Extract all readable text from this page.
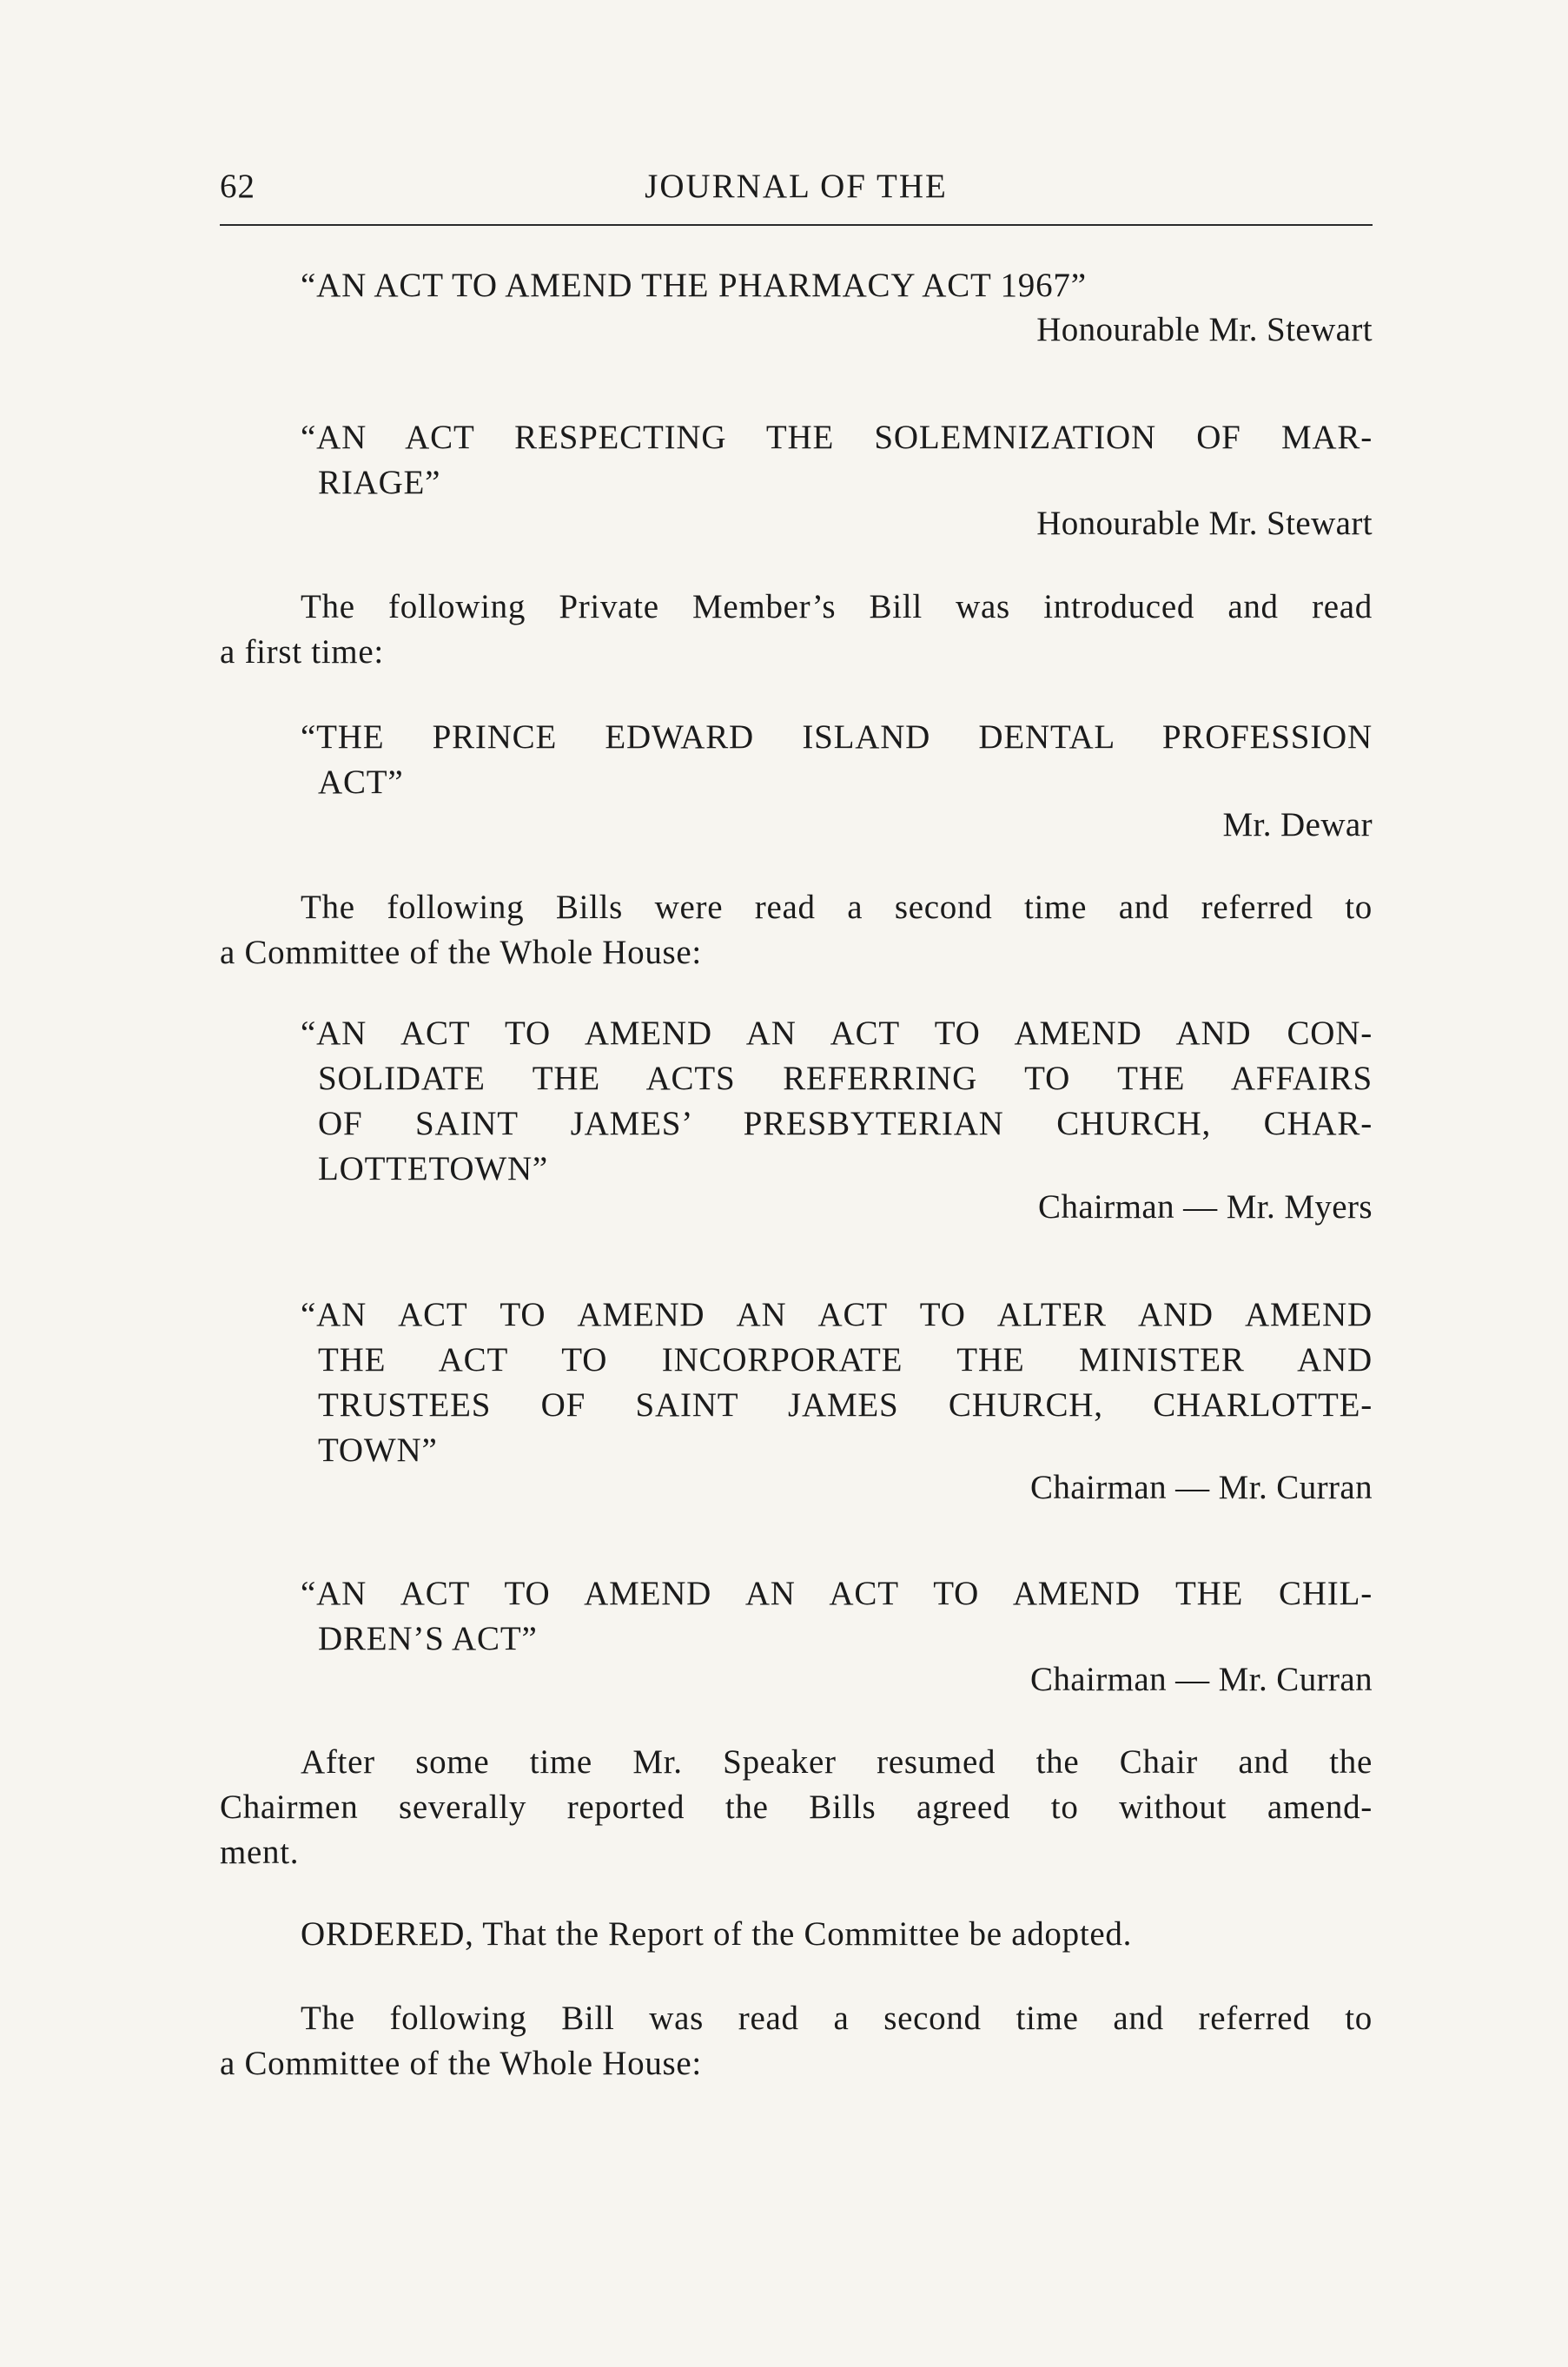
62	JOURNAL OF THE
“AN ACT TO AMEND THE PHARMACY ACT 1967”
Honourable Mr. Stewart
“AN ACT RESPECTING THE SOLEMNIZATION OF MAR-
RIAGE”
Honourable Mr. Stewart
The following Private Member’s Bill was introduced and read
a first time:
“THE PRINCE EDWARD ISLAND DENTAL PROFESSION
ACT”
Mr. Dewar
The following Bills were read a second time and referred to
a Committee of the Whole House:
“AN ACT TO AMEND AN ACT TO AMEND AND CON-
SOLIDATE THE ACTS REFERRING TO THE AFFAIRS
OF SAINT JAMES’ PRESBYTERIAN CHURCH, CHAR-
LOTTETOWN”
Chairman — Mr. Myers
“AN ACT TO AMEND AN ACT TO ALTER AND AMEND
THE ACT TO INCORPORATE THE MINISTER AND
TRUSTEES OF SAINT JAMES CHURCH, CHARLOTTE-
TOWN”
Chairman — Mr. Curran
“AN ACT TO AMEND AN ACT TO AMEND THE CHIL-
DREN’S ACT”
Chairman — Mr. Curran
After some time Mr. Speaker resumed the Chair and the
Chairmen severally reported the Bills agreed to without amend-
ment.
ORDERED, That the Report of the Committee be adopted.
The following Bill was read a second time and referred to
a Committee of the Whole House:
